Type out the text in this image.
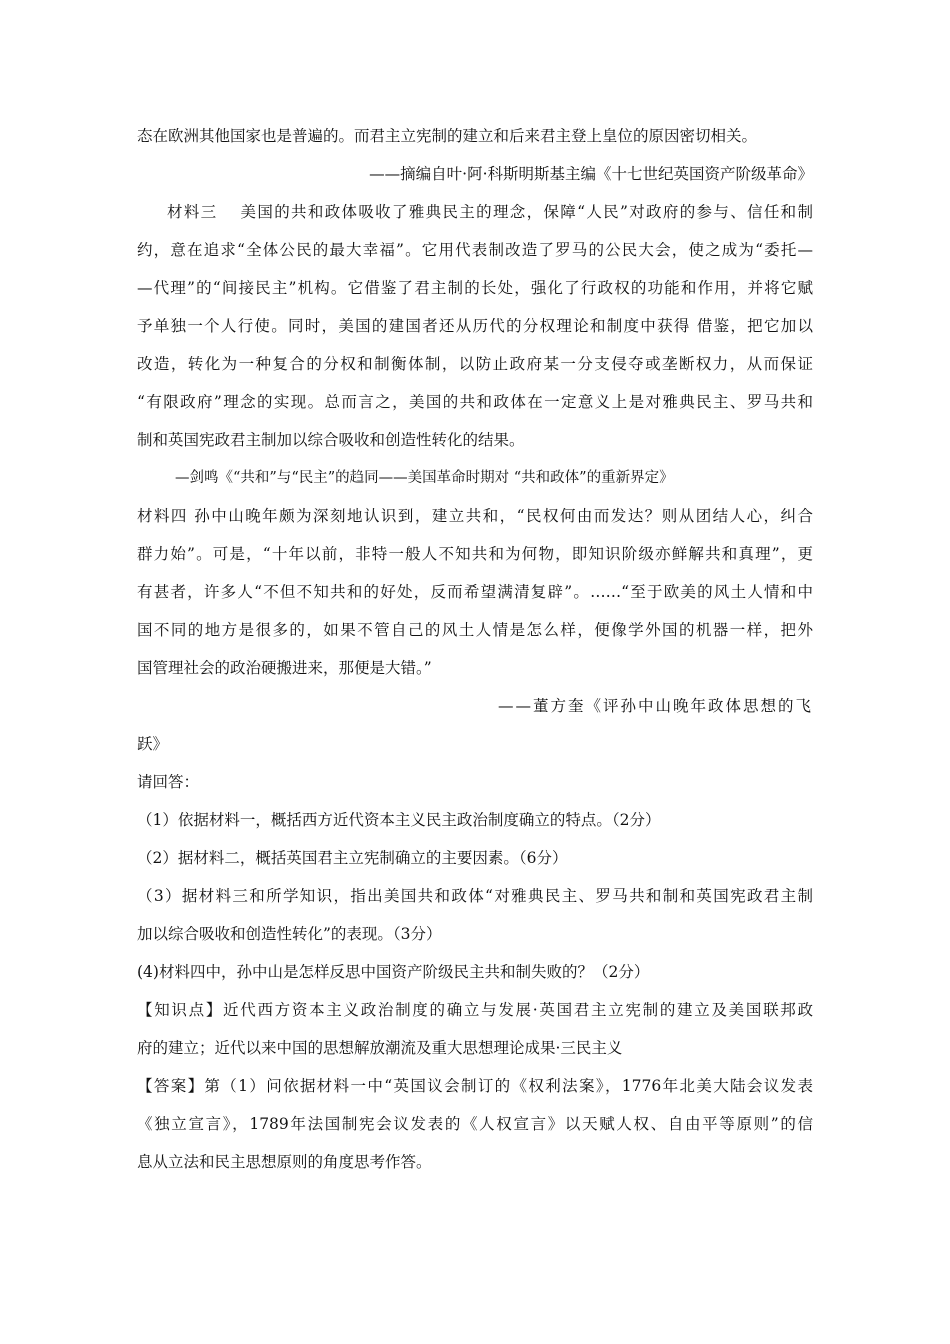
态在欧洲其他国家也是普遍的。而君主立宪制的建立和后来君主登上皇位的原因密切相关。
——摘编自叶·阿·科斯明斯基主编《十七世纪英国资产阶级革命》
材料三　 美国的共和政体吸收了雅典民主的理念，保障“人民”对政府的参与、信任和制
约，意在追求“全体公民的最大幸福”。它用代表制改造了罗马的公民大会，使之成为“委托—
—代理”的“间接民主”机构。它借鉴了君主制的长处，强化了行政权的功能和作用，并将它赋
予单独一个人行使。同时，美国的建国者还从历代的分权理论和制度中获得 借鉴，把它加以
改造，转化为一种复合的分权和制衡体制，以防止政府某一分支侵夺或垄断权力，从而保证
“有限政府”理念的实现。总而言之，美国的共和政体在一定意义上是对雅典民主、罗马共和
制和英国宪政君主制加以综合吸收和创造性转化的结果。
—剑鸣《“共和”与“民主”的趋同——美国革命时期对 “共和政体”的重新界定》
材料四 孙中山晚年颇为深刻地认识到，建立共和，“民权何由而发达？则从团结人心，纠合
群力始”。可是，“十年以前，非特一般人不知共和为何物，即知识阶级亦鲜解共和真理”，更
有甚者，许多人“不但不知共和的好处，反而希望满清复辟”。……“至于欧美的风土人情和中
国不同的地方是很多的，如果不管自己的风土人情是怎么样，便像学外国的机器一样，把外
国管理社会的政治硬搬进来，那便是大错。”
——董方奎《评孙中山晚年政体思想的飞
跃》
请回答：
（1）依据材料一，概括西方近代资本主义民主政治制度确立的特点。（2分）
（2）据材料二，概括英国君主立宪制确立的主要因素。（6分）
（3）据材料三和所学知识，指出美国共和政体“对雅典民主、罗马共和制和英国宪政君主制
加以综合吸收和创造性转化”的表现。（3分）
(4)材料四中，孙中山是怎样反思中国资产阶级民主共和制失败的？（2分）
【知识点】近代西方资本主义政治制度的确立与发展·英国君主立宪制的建立及美国联邦政
府的建立；近代以来中国的思想解放潮流及重大思想理论成果·三民主义
【答案】第（1）问依据材料一中“英国议会制订的《权利法案》，1776年北美大陆会议发表
《独立宣言》，1789年法国制宪会议发表的《人权宣言》以天赋人权、自由平等原则”的信
息从立法和民主思想原则的角度思考作答。
